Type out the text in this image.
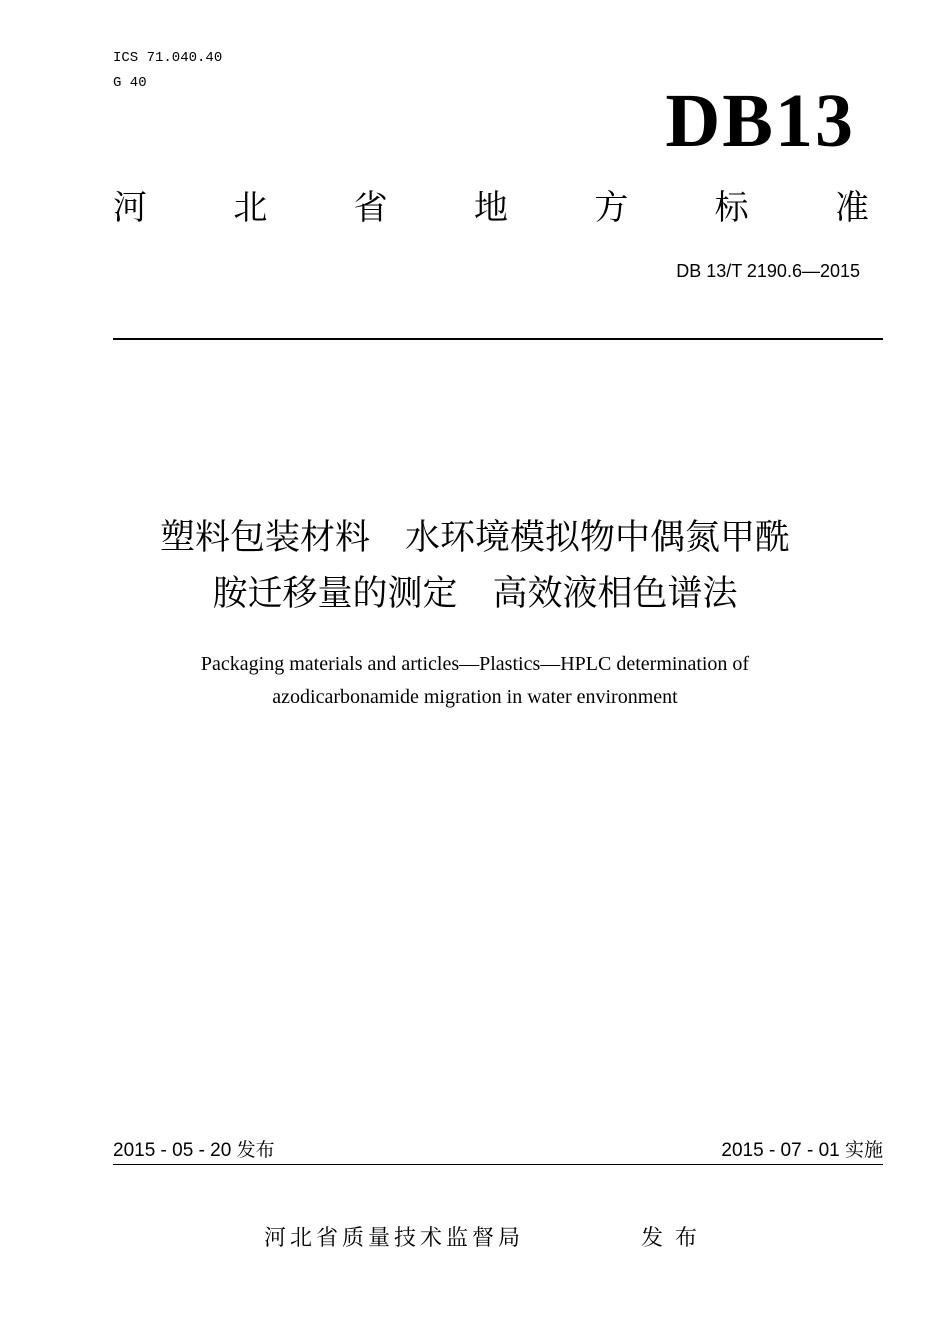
ICS 71.040.40
G 40	DB13
河	北	省	地	方	标	准
DB 13/T 2190.6—2015
塑料包装材料　水环境模拟物中偶氮甲酰
胺迁移量的测定　高效液相色谱法
Packaging materials and articles—Plastics—HPLC determination of
azodicarbonamide migration in water environment
2015 - 05 - 20 发布	2015 - 07 - 01 实施
河北省质量技术监督局	发布
